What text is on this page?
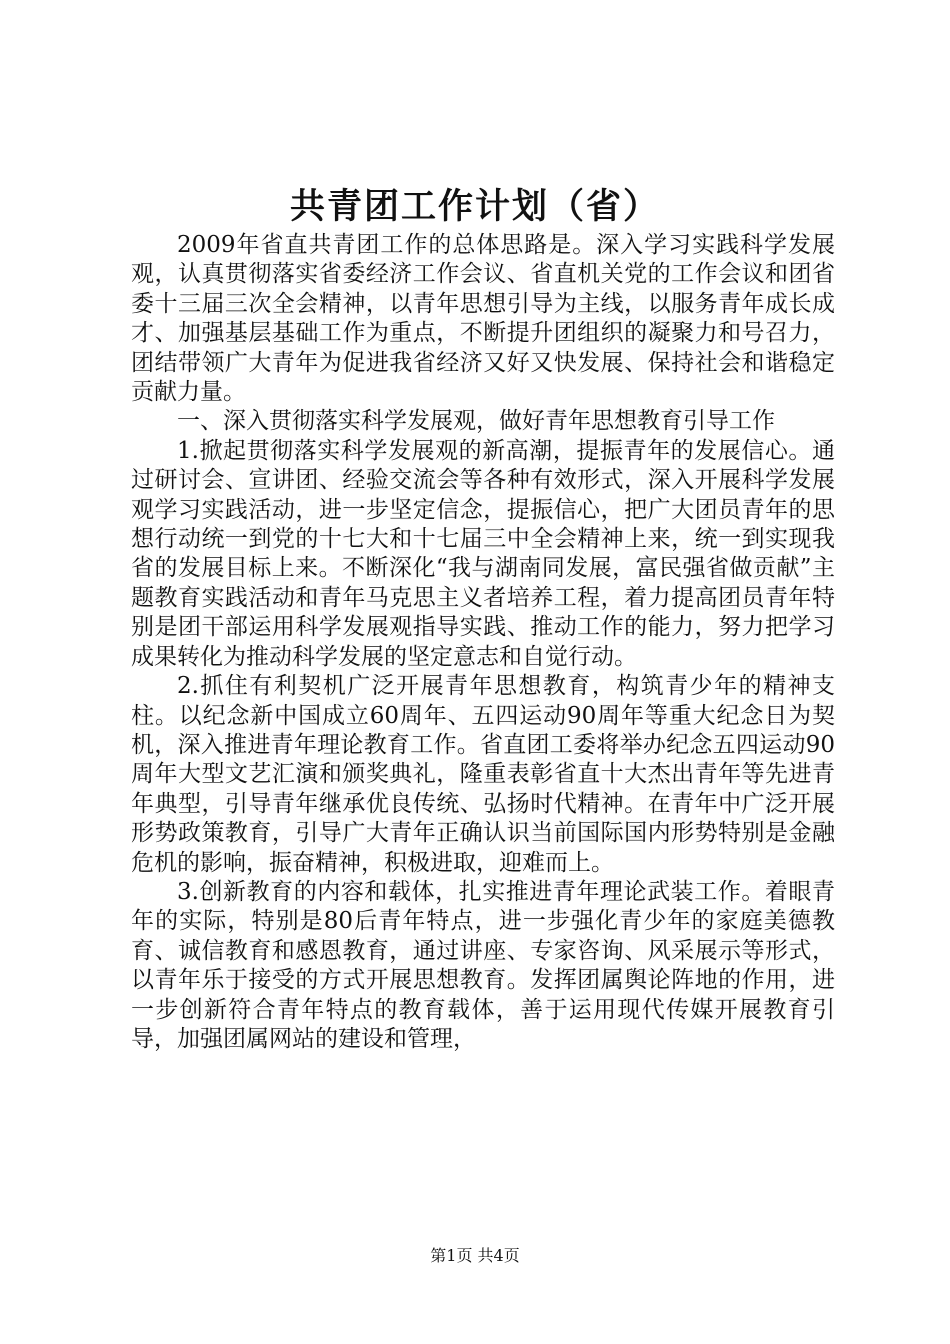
共青团工作计划（省）

2009年省直共青团工作的总体思路是。深入学习实践科学发展观，认真贯彻落实省委经济工作会议、省直机关党的工作会议和团省委十三届三次全会精神，以青年思想引导为主线，以服务青年成长成才、加强基层基础工作为重点，不断提升团组织的凝聚力和号召力，团结带领广大青年为促进我省经济又好又快发展、保持社会和谐稳定贡献力量。

一、深入贯彻落实科学发展观，做好青年思想教育引导工作

1.掀起贯彻落实科学发展观的新高潮，提振青年的发展信心。通过研讨会、宣讲团、经验交流会等各种有效形式，深入开展科学发展观学习实践活动，进一步坚定信念，提振信心，把广大团员青年的思想行动统一到党的十七大和十七届三中全会精神上来，统一到实现我省的发展目标上来。不断深化“我与湖南同发展，富民强省做贡献”主题教育实践活动和青年马克思主义者培养工程，着力提高团员青年特别是团干部运用科学发展观指导实践、推动工作的能力，努力把学习成果转化为推动科学发展的坚定意志和自觉行动。

2.抓住有利契机广泛开展青年思想教育，构筑青少年的精神支柱。以纪念新中国成立60周年、五四运动90周年等重大纪念日为契机，深入推进青年理论教育工作。省直团工委将举办纪念五四运动90周年大型文艺汇演和颁奖典礼，隆重表彰省直十大杰出青年等先进青年典型，引导青年继承优良传统、弘扬时代精神。在青年中广泛开展形势政策教育，引导广大青年正确认识当前国际国内形势特别是金融危机的影响，振奋精神，积极进取，迎难而上。

3.创新教育的内容和载体，扎实推进青年理论武装工作。着眼青年的实际，特别是80后青年特点，进一步强化青少年的家庭美德教育、诚信教育和感恩教育，通过讲座、专家咨询、风采展示等形式，以青年乐于接受的方式开展思想教育。发挥团属舆论阵地的作用，进一步创新符合青年特点的教育载体，善于运用现代传媒开展教育引导，加强团属网站的建设和管理，

第1页 共4页
